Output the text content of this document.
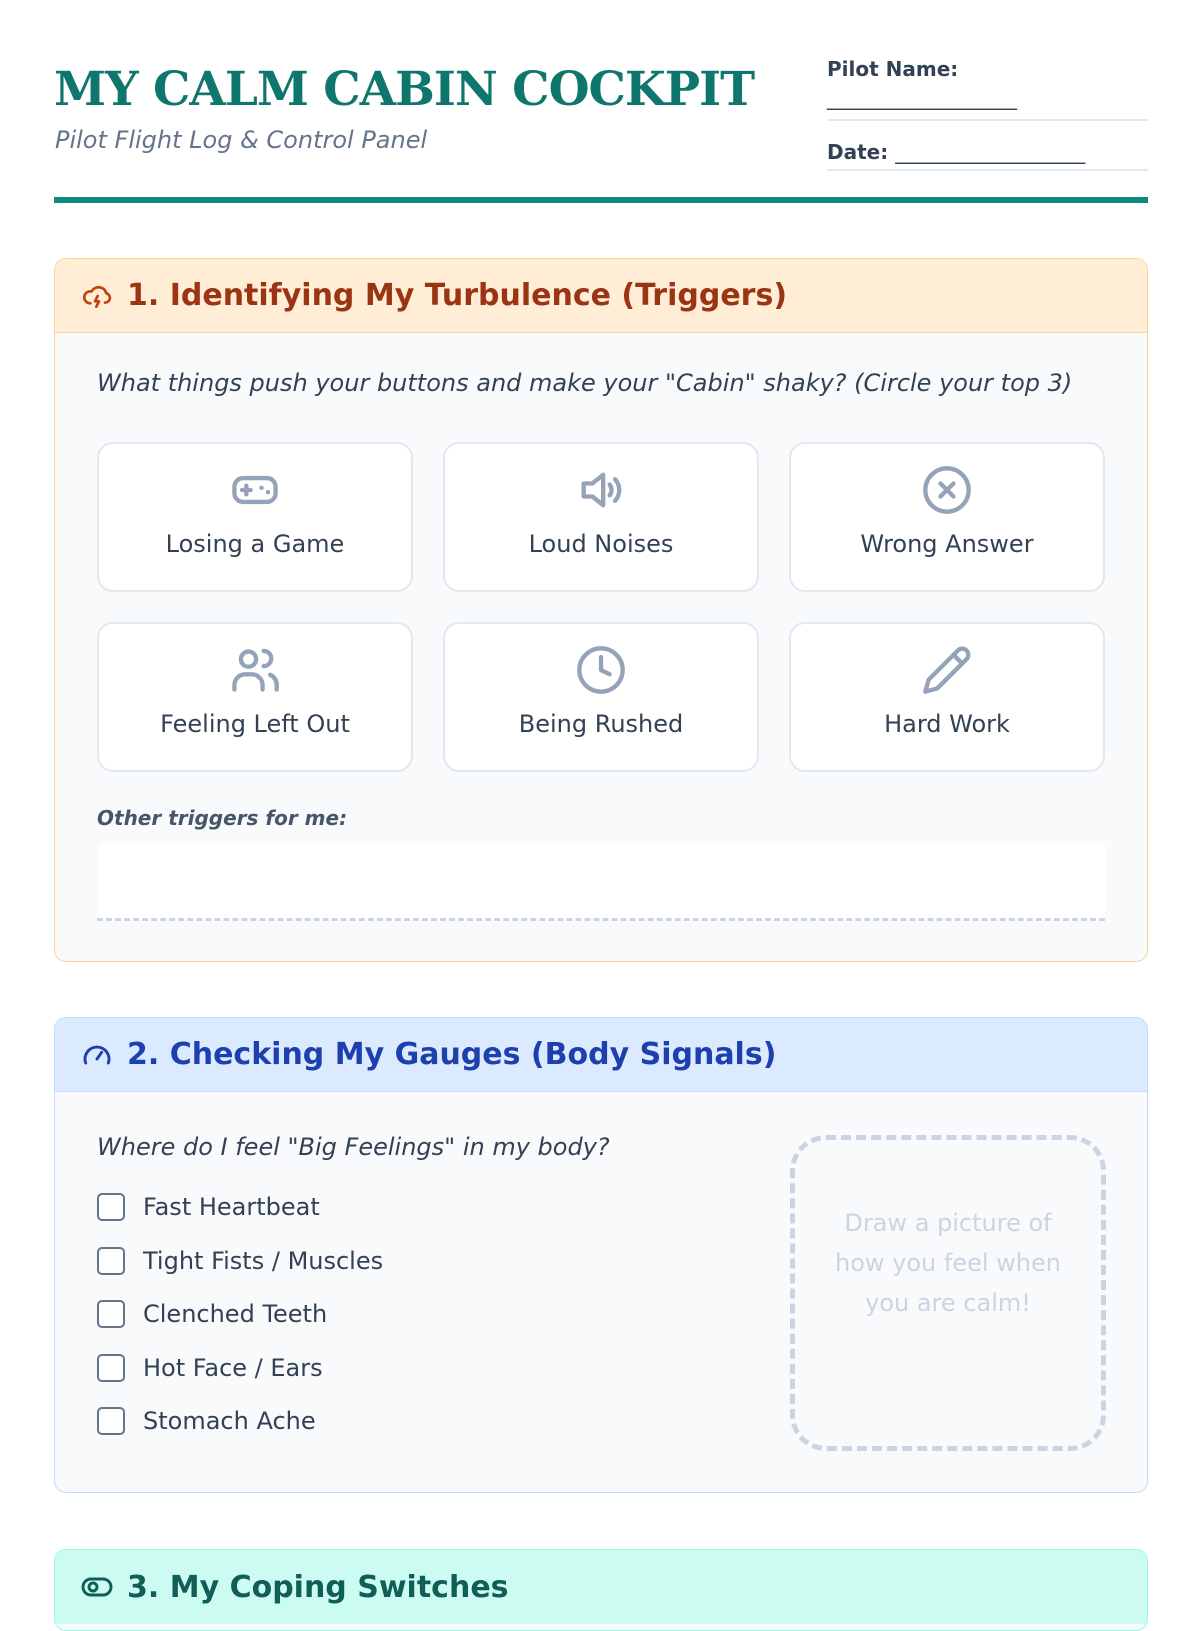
MY CALM CABIN COCKPIT

Pilot Flight Log & Control Panel

Pilot Name:
___________________
Date: ___________________
1. Identifying My Turbulence (Triggers)

What things push your buttons and make your "Cabin" shaky? (Circle your top 3)

Losing a Game	Loud Noises	Wrong Answer
Feeling Left Out	Being Rushed	Hard Work

Other triggers for me:

2. Checking My Gauges (Body Signals)

Where do I feel "Big Feelings" in my body?

Fast Heartbeat
Tight Fists / Muscles
Clenched Teeth
Hot Face / Ears
Stomach Ache
Draw a picture of how you feel when you are calm!
3. My Coping Switches
